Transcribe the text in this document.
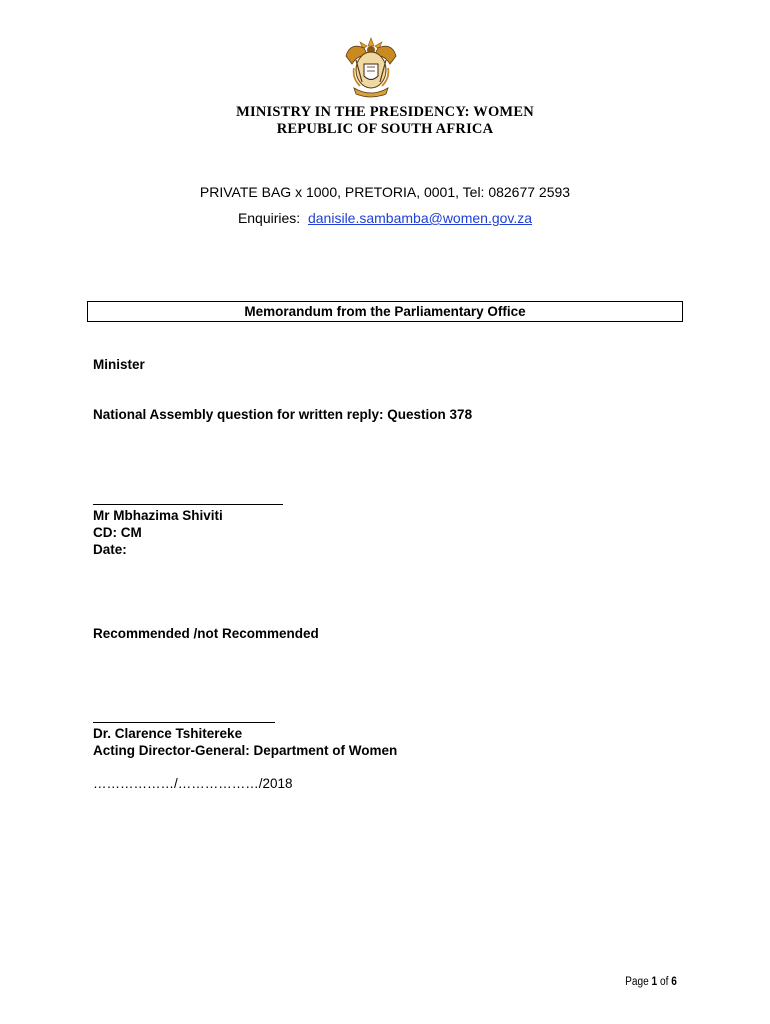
MINISTRY IN THE PRESIDENCY: WOMEN
REPUBLIC OF SOUTH AFRICA
PRIVATE BAG x 1000, PRETORIA, 0001, Tel: 082677 2593
Enquiries: danisile.sambamba@women.gov.za
Memorandum from the Parliamentary Office
Minister
National Assembly question for written reply: Question 378
Mr Mbhazima Shiviti
CD: CM
Date:
Recommended /not Recommended
Dr. Clarence Tshitereke
Acting Director-General: Department of Women
………………/………………/2018
Page 1 of 6
